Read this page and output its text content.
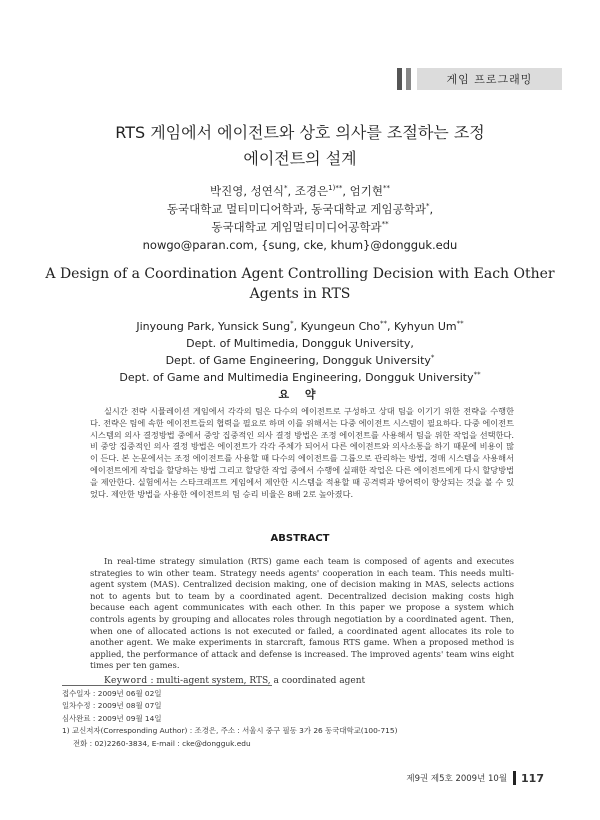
게임 프로그래밍
RTS 게임에서 에이전트와 상호 의사를 조절하는 조정
에이전트의 설계
박진영, 성연식*, 조경은$^{1)**}$, 엄기현**
동국대학교 멀티미디어학과, 동국대학교 게임공학과*,
동국대학교 게임멀티미디어공학과**
nowgo@paran.com, {sung, cke, khum}@dongguk.edu
A Design of a Coordination Agent Controlling Decision with Each Other
Agents in RTS
Jinyoung Park, Yunsick Sung*, Kyungeun Cho**, Kyhyun Um**
Dept. of Multimedia, Dongguk University,
Dept. of Game Engineering, Dongguk University*
Dept. of Game and Multimedia Engineering, Dongguk University**
요 약
실시간 전략 시뮬레이션 게임에서 각각의 팀은 다수의 에이전트로 구성하고 상대 팀을 이기기 위한 전략을 수행한다. 전략은 팀에 속한 에이전트들의 협력을 필요로 하며 이를 위해서는 다중 에이전트 시스템이 필요하다. 다중 에이전트 시스템의 의사 결정방법 중에서 중앙 집중적인 의사 결정 방법은 조정 에이전트를 사용해서 팀을 위한 작업을 선택한다. 비 중앙 집중적인 의사 결정 방법은 에이전트가 각각 주체가 되어서 다른 에이전트와 의사소통을 하기 때문에 비용이 많이 든다. 본 논문에서는 조정 에이전트를 사용할 때 다수의 에이전트를 그룹으로 관리하는 방법, 경매 시스템을 사용해서 에이전트에게 작업을 할당하는 방법 그리고 할당한 작업 중에서 수행에 실패한 작업은 다른 에이전트에게 다시 할당방법을 제안한다. 실험에서는 스타크래프트 게임에서 제안한 시스템을 적용할 때 공격력과 방어력이 향상되는 것을 볼 수 있었다. 제안한 방법을 사용한 에이전트의 팀 승리 비율은 8배 2로 높아졌다.
ABSTRACT
In real-time strategy simulation (RTS) game each team is composed of agents and executes strategies to win other team. Strategy needs agents' cooperation in each team. This needs multi-agent system (MAS). Centralized decision making, one of decision making in MAS, selects actions not to agents but to team by a coordinated agent. Decentralized decision making costs high because each agent communicates with each other. In this paper we propose a system which controls agents by grouping and allocates roles through negotiation by a coordinated agent. Then, when one of allocated actions is not executed or failed, a coordinated agent allocates its role to another agent. We make experiments in starcraft, famous RTS game. When a proposed method is applied, the performance of attack and defense is increased. The improved agents' team wins eight times per ten games.
Keyword : multi-agent system, RTS, a coordinated agent
접수일자 : 2009년 06월 02일
일차수정 : 2009년 08월 07일
심사완료 : 2009년 09월 14일
1) 교신저자(Corresponding Author) : 조경은, 주소 : 서울시 중구 필동 3가 26 동국대학교(100-715)
전화 : 02)2260-3834, E-mail : cke@dongguk.edu
제9권 제5호 2009년 10월 117
